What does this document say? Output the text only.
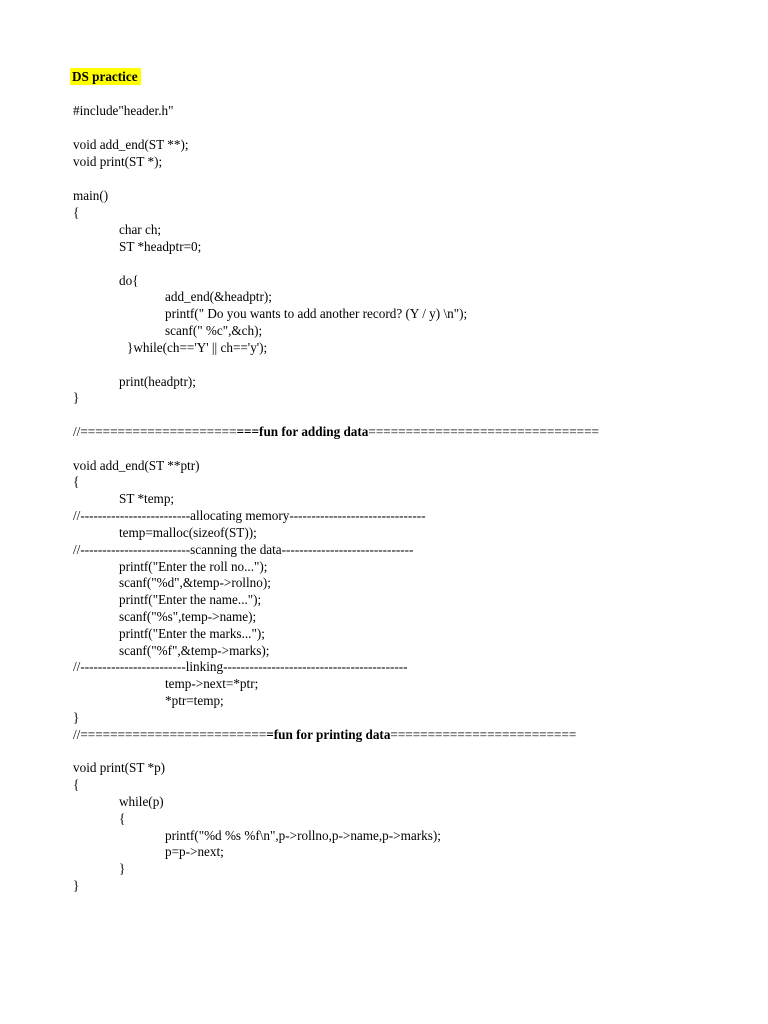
DS practice
#include"header.h"
void add_end(ST **);
void print(ST *);
main()
{
char ch;
ST *headptr=0;
do{
add_end(&headptr);
printf(" Do you wants to add another record? (Y / y) \n");
scanf(" %c",&ch);
}while(ch=='Y' || ch=='y');
print(headptr);
}
//========================fun for adding data===============================
void add_end(ST **ptr)
{
ST *temp;
//-------------------------allocating memory-------------------------------
temp=malloc(sizeof(ST));
//-------------------------scanning the data------------------------------
printf("Enter the roll no...");
scanf("%d",&temp->rollno);
printf("Enter the name...");
scanf("%s",temp->name);
printf("Enter the marks...");
scanf("%f",&temp->marks);
//------------------------linking------------------------------------------
temp->next=*ptr;
*ptr=temp;
}
//==========================fun for printing data=========================
void print(ST *p)
{
while(p)
{
printf("%d %s %f\n",p->rollno,p->name,p->marks);
p=p->next;
}
}
